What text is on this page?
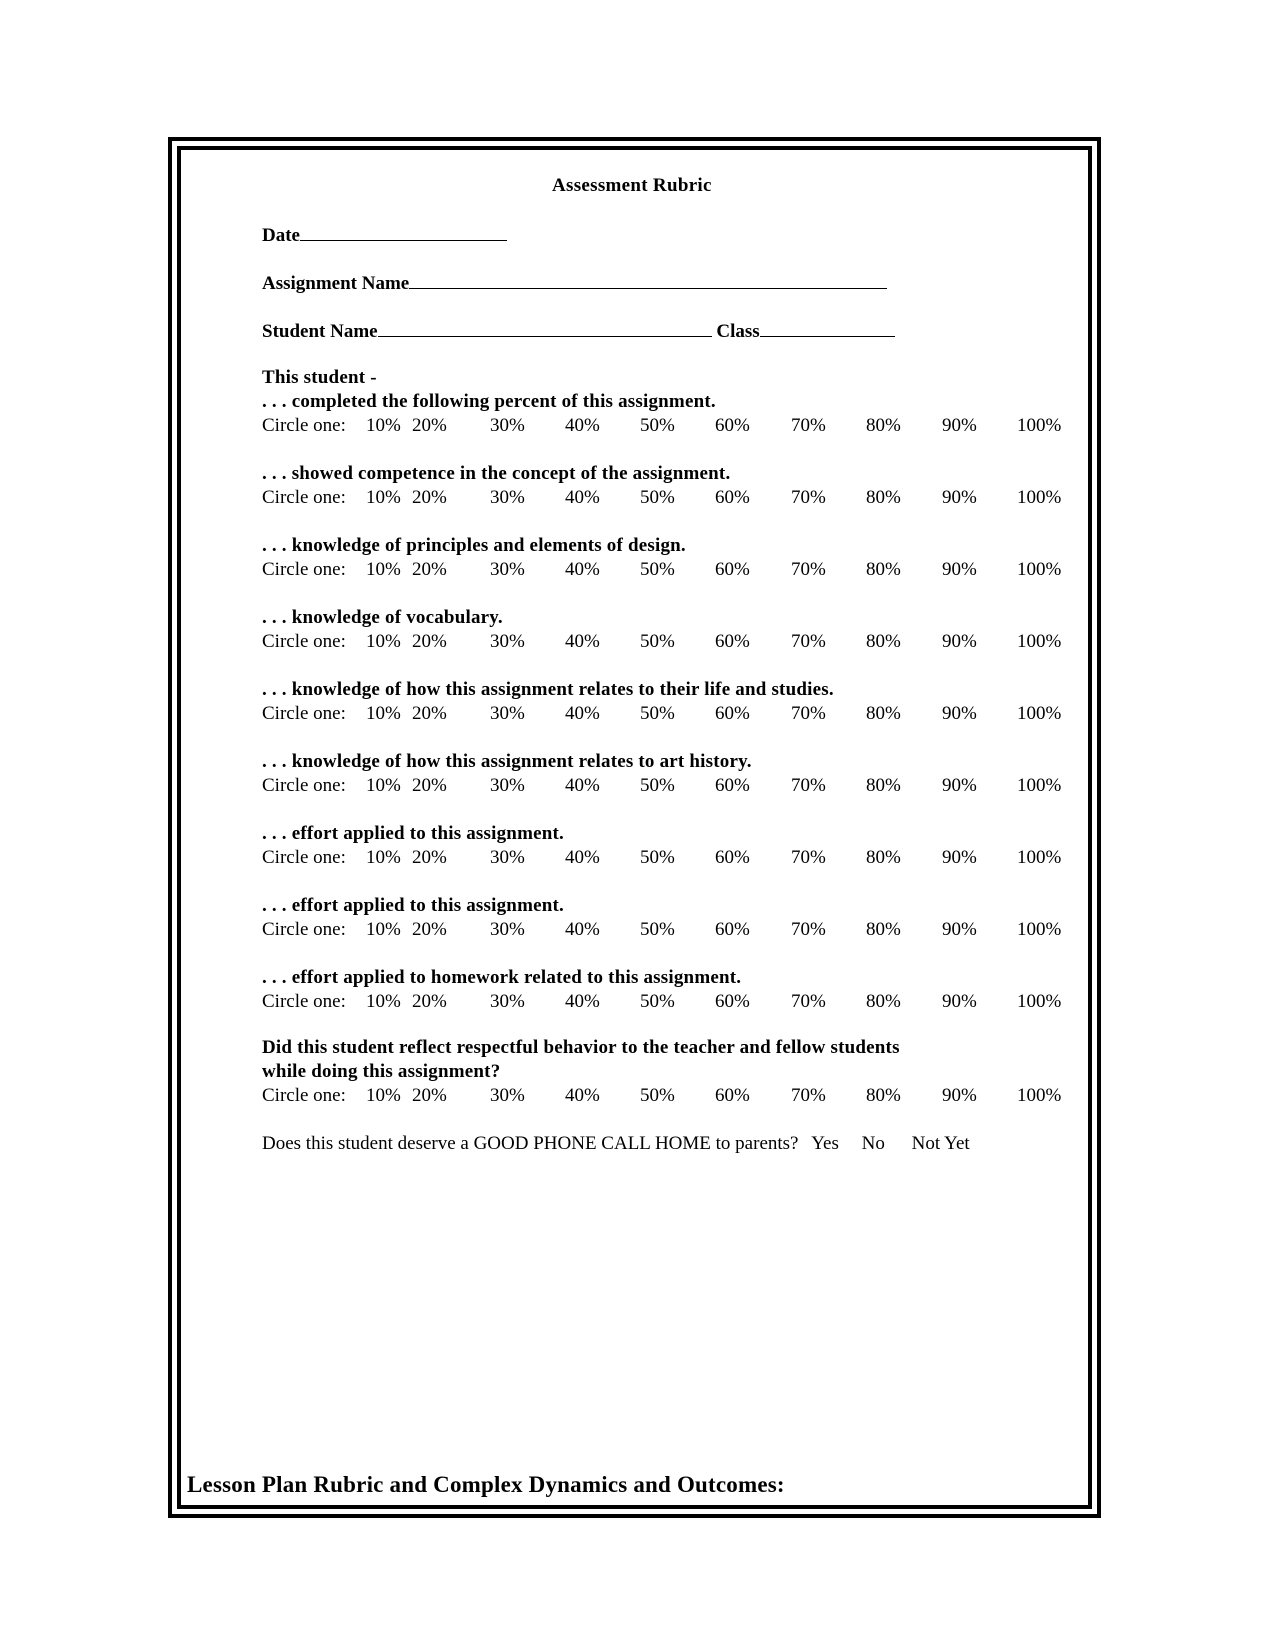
Assessment Rubric
Date
Assignment Name
Student Name	Class
This student -
. . . completed the following percent of this assignment.
Circle one: 10% 20% 30% 40% 50% 60% 70% 80% 90% 100%
. . . showed competence in the concept of the assignment.
Circle one: 10% 20% 30% 40% 50% 60% 70% 80% 90% 100%
. . . knowledge of principles and elements of design.
Circle one: 10% 20% 30% 40% 50% 60% 70% 80% 90% 100%
. . . knowledge of vocabulary.
Circle one: 10% 20% 30% 40% 50% 60% 70% 80% 90% 100%
. . . knowledge of how this assignment relates to their life and studies.
Circle one: 10% 20% 30% 40% 50% 60% 70% 80% 90% 100%
. . . knowledge of how this assignment relates to art history.
Circle one: 10% 20% 30% 40% 50% 60% 70% 80% 90% 100%
. . . effort applied to this assignment.
Circle one: 10% 20% 30% 40% 50% 60% 70% 80% 90% 100%
. . . effort applied to this assignment.
Circle one: 10% 20% 30% 40% 50% 60% 70% 80% 90% 100%
. . . effort applied to homework related to this assignment.
Circle one: 10% 20% 30% 40% 50% 60% 70% 80% 90% 100%
Did this student reflect respectful behavior to the teacher and fellow students
while doing this assignment?
Circle one: 10% 20% 30% 40% 50% 60% 70% 80% 90% 100%
Does this student deserve a GOOD PHONE CALL HOME to parents? Yes No Not Yet
Lesson Plan Rubric and Complex Dynamics and Outcomes:
